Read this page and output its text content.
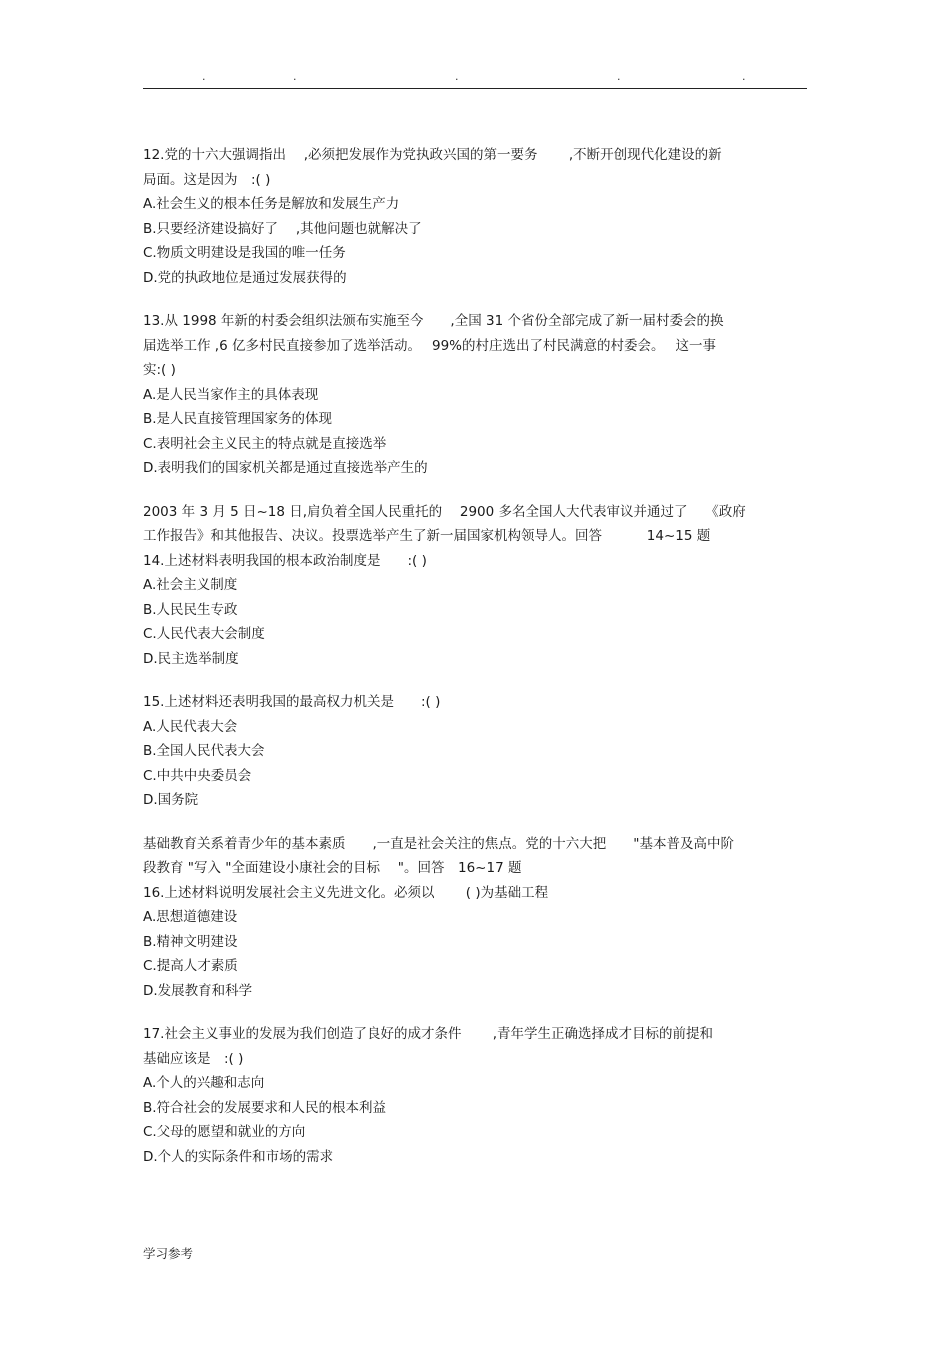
.	.	.	.	.
12.党的十六大强调指出　 ,必须把发展作为党执政兴国的第一要务　　 ,不断开创现代化建设的新
局面。这是因为　:( )
A.社会生义的根本任务是解放和发展生产力
B.只要经济建设搞好了　 ,其他问题也就解决了
C.物质文明建设是我国的唯一任务
D.党的执政地位是通过发展获得的
13.从 1998 年新的村委会组织法颁布实施至今　　,全国 31 个省份全部完成了新一届村委会的换
届选举工作 ,6 亿多村民直接参加了选举活动。　 99%的村庄选出了村民满意的村委会。　 这一事
实:( )
A.是人民当家作主的具体表现
B.是人民直接管理国家务的体现
C.表明社会主义民主的特点就是直接选举
D.表明我们的国家机关都是通过直接选举产生的
2003 年 3 月 5 日~18 日,肩负着全国人民重托的　 2900 多名全国人大代表审议并通过了　 《政府
工作报告》和其他报告、决议。投票选举产生了新一届国家机构领导人。回答　　　 14~15 题
14.上述材料表明我国的根本政治制度是　　:( )
A.社会主义制度
B.人民民生专政
C.人民代表大会制度
D.民主选举制度
15.上述材料还表明我国的最高权力机关是　　:( )
A.人民代表大会
B.全国人民代表大会
C.中共中央委员会
D.国务院
基础教育关系着青少年的基本素质　　,一直是社会关注的焦点。党的十六大把　　"基本普及高中阶
段教育 "写入 "全面建设小康社会的目标　 "。回答　16~17 题
16.上述材料说明发展社会主义先进文化。必须以　　 ( )为基础工程
A.思想道德建设
B.精神文明建设
C.提高人才素质
D.发展教育和科学
17.社会主义事业的发展为我们创造了良好的成才条件　　 ,青年学生正确选择成才目标的前提和
基础应该是　:( )
A.个人的兴趣和志向
B.符合社会的发展要求和人民的根本利益
C.父母的愿望和就业的方向
D.个人的实际条件和市场的需求
学习参考
